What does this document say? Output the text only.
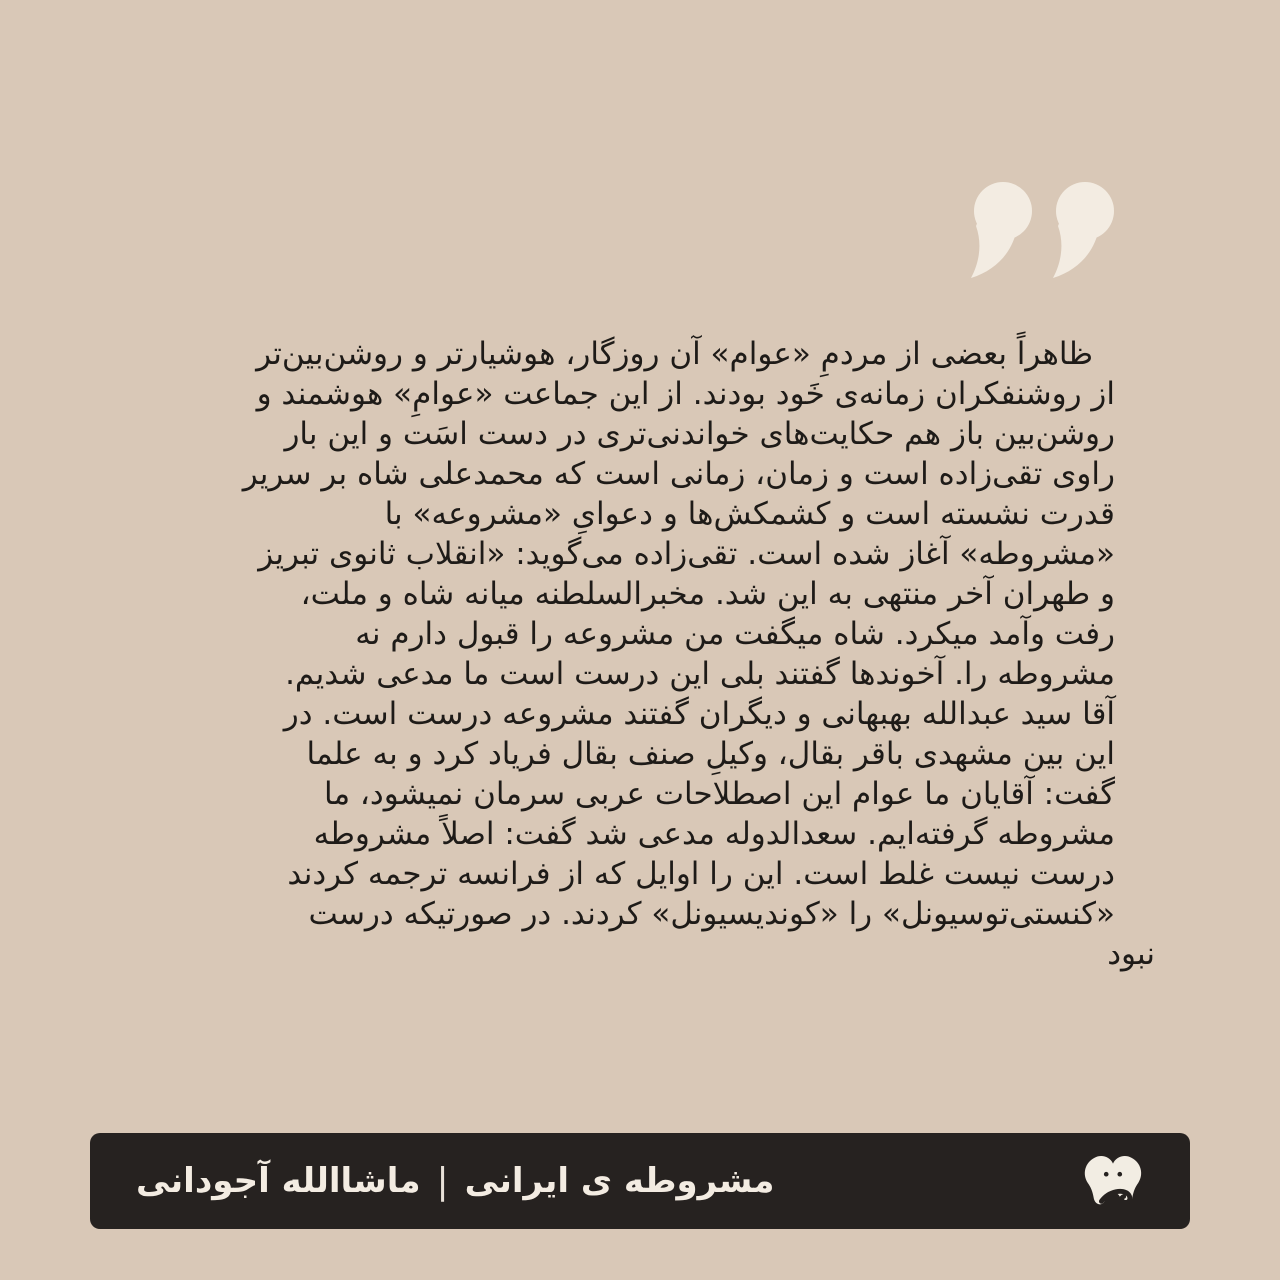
ظاهراً بعضی از مردمِ «عوام» آن روزگار، هوشیارتر و روشن‌بین‌تر
از روشنفکران زمانه‌ی خَود بودند. از این جماعت «عوامِ» هوشمند و
روشن‌بین باز هم حکایت‌های خواندنی‌تری در دست اسَت و این بار
راوی تقی‌زاده است و زمان، زمانی است که محمدعلی شاه بر سریر
قدرت نشسته است و کشمکش‌ها و دعوایِ «مشروعه» با
«مشروطه» آغاز شده است. تقی‌زاده می‌گوید: «انقلاب ثانوی تبریز
و طهران آخر منتهی به این شد. مخبرالسلطنه میانه شاه و ملت،
رفت وآمد میکرد. شاه میگفت من مشروعه را قبول دارم نه
مشروطه را. آخوندها گفتند بلی این درست است ما مدعی شدیم.
آقا سید عبدالله بهبهانی و دیگران گفتند مشروعه درست است. در
این بین مشهدی باقر بقال، وکیلِ صنف بقال فریاد کرد و به علما
گفت: آقایان ما عوام این اصطلاحات عربی سرمان نمیشود، ما
مشروطه گرفته‌ایم. سعدالدوله مدعی شد گفت: اصلاً مشروطه
درست نیست غلط است. این را اوایل که از فرانسه ترجمه کردند
«کنستی‌توسیونل» را «کوندیسیونل» کردند. در صورتیکه درست
نبود
مشروطه ی ایرانی
|
ماشاالله آجودانی
